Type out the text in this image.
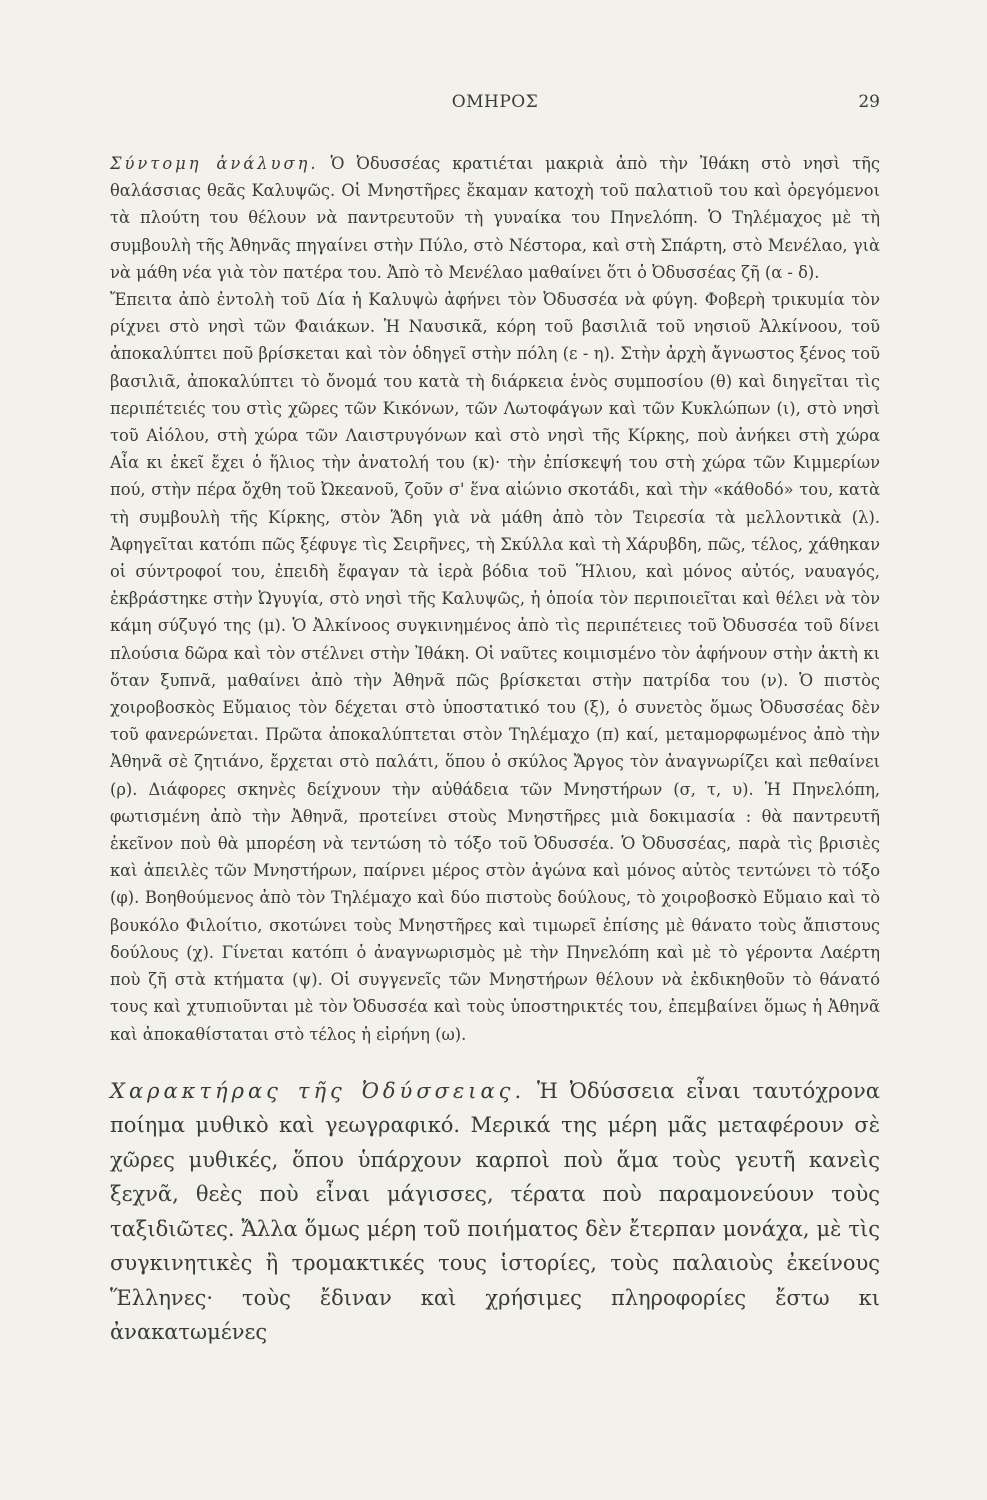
ΟΜΗΡΟΣ	29

Σύντομη ἀνάλυση. Ὁ Ὀδυσσέας κρατιέται μακριὰ ἀπὸ τὴν Ἰθάκη στὸ νησὶ τῆς θαλάσσιας θεᾶς Καλυψῶς. Οἱ Μνηστῆρες ἔκαμαν κατοχὴ τοῦ παλατιοῦ του καὶ ὀρεγόμενοι τὰ πλούτη του θέλουν νὰ παντρευτοῦν τὴ γυναίκα του Πηνελόπη. Ὁ Τηλέμαχος μὲ τὴ συμβουλὴ τῆς Ἀθηνᾶς πηγαίνει στὴν Πύλο, στὸ Νέστορα, καὶ στὴ Σπάρτη, στὸ Μενέλαο, γιὰ νὰ μάθη νέα γιὰ τὸν πατέρα του. Ἀπὸ τὸ Μενέλαο μαθαίνει ὅτι ὁ Ὀδυσσέας ζῆ (α - δ).

Ἔπειτα ἀπὸ ἐντολὴ τοῦ Δία ἡ Καλυψὼ ἀφήνει τὸν Ὀδυσσέα νὰ φύγη. Φοβερὴ τρικυμία τὸν ρίχνει στὸ νησὶ τῶν Φαιάκων. Ἡ Ναυσικᾶ, κόρη τοῦ βασιλιᾶ τοῦ νησιοῦ Ἀλκίνοου, τοῦ ἀποκαλύπτει ποῦ βρίσκεται καὶ τὸν ὁδηγεῖ στὴν πόλη (ε - η). Στὴν ἀρχὴ ἄγνωστος ξένος τοῦ βασιλιᾶ, ἀποκαλύπτει τὸ ὄνομά του κατὰ τὴ διάρκεια ἑνὸς συμποσίου (θ) καὶ διηγεῖται τὶς περιπέτειές του στὶς χῶρες τῶν Κικόνων, τῶν Λωτοφάγων καὶ τῶν Κυκλώπων (ι), στὸ νησὶ τοῦ Αἰόλου, στὴ χώρα τῶν Λαιστρυγόνων καὶ στὸ νησὶ τῆς Κίρκης, ποὺ ἀνήκει στὴ χώρα Αἶα κι ἐκεῖ ἔχει ὁ ἥλιος τὴν ἀνατολή του (κ)· τὴν ἐπίσκεψή του στὴ χώρα τῶν Κιμμερίων πού, στὴν πέρα ὄχθη τοῦ Ὠκεανοῦ, ζοῦν σ' ἕνα αἰώνιο σκοτάδι, καὶ τὴν «κάθοδό» του, κατὰ τὴ συμβουλὴ τῆς Κίρκης, στὸν Ἅδη γιὰ νὰ μάθη ἀπὸ τὸν Τειρεσία τὰ μελλοντικὰ (λ). Ἀφηγεῖται κατόπι πῶς ξέφυγε τὶς Σειρῆνες, τὴ Σκύλλα καὶ τὴ Χάρυβδη, πῶς, τέλος, χάθηκαν οἱ σύντροφοί του, ἐπειδὴ ἔφαγαν τὰ ἱερὰ βόδια τοῦ Ἥλιου, καὶ μόνος αὐτός, ναυαγός, ἐκβράστηκε στὴν Ὠγυγία, στὸ νησὶ τῆς Καλυψῶς, ἡ ὁποία τὸν περιποιεῖται καὶ θέλει νὰ τὸν κάμη σύζυγό της (μ). Ὁ Ἀλκίνοος συγκινημένος ἀπὸ τὶς περιπέτειες τοῦ Ὀδυσσέα τοῦ δίνει πλούσια δῶρα καὶ τὸν στέλνει στὴν Ἰθάκη. Οἱ ναῦτες κοιμισμένο τὸν ἀφήνουν στὴν ἀκτὴ κι ὅταν ξυπνᾶ, μαθαίνει ἀπὸ τὴν Ἀθηνᾶ πῶς βρίσκεται στὴν πατρίδα του (ν). Ὁ πιστὸς χοιροβοσκὸς Εὔμαιος τὸν δέχεται στὸ ὑποστατικό του (ξ), ὁ συνετὸς ὅμως Ὀδυσσέας δὲν τοῦ φανερώνεται. Πρῶτα ἀποκαλύπτεται στὸν Τηλέμαχο (π) καί, μεταμορφωμένος ἀπὸ τὴν Ἀθηνᾶ σὲ ζητιάνο, ἔρχεται στὸ παλάτι, ὅπου ὁ σκύλος Ἄργος τὸν ἀναγνωρίζει καὶ πεθαίνει (ρ). Διάφορες σκηνὲς δείχνουν τὴν αὐθάδεια τῶν Μνηστήρων (σ, τ, υ). Ἡ Πηνελόπη, φωτισμένη ἀπὸ τὴν Ἀθηνᾶ, προτείνει στοὺς Μνηστῆρες μιὰ δοκιμασία : θὰ παντρευτῆ ἐκεῖνον ποὺ θὰ μπορέση νὰ τεντώση τὸ τόξο τοῦ Ὀδυσσέα. Ὁ Ὀδυσσέας, παρὰ τὶς βρισιὲς καὶ ἀπειλὲς τῶν Μνηστήρων, παίρνει μέρος στὸν ἀγώνα καὶ μόνος αὐτὸς τεντώνει τὸ τόξο (φ). Βοηθούμενος ἀπὸ τὸν Τηλέμαχο καὶ δύο πιστοὺς δούλους, τὸ χοιροβοσκὸ Εὔμαιο καὶ τὸ βουκόλο Φιλοίτιο, σκοτώνει τοὺς Μνηστῆρες καὶ τιμωρεῖ ἐπίσης μὲ θάνατο τοὺς ἄπιστους δούλους (χ). Γίνεται κατόπι ὁ ἀναγνωρισμὸς μὲ τὴν Πηνελόπη καὶ μὲ τὸ γέροντα Λαέρτη ποὺ ζῆ στὰ κτήματα (ψ). Οἱ συγγενεῖς τῶν Μνηστήρων θέλουν νὰ ἐκδικηθοῦν τὸ θάνατό τους καὶ χτυπιοῦνται μὲ τὸν Ὀδυσσέα καὶ τοὺς ὑποστηρικτές του, ἐπεμβαίνει ὅμως ἡ Ἀθηνᾶ καὶ ἀποκαθίσταται στὸ τέλος ἡ εἰρήνη (ω).

Χαρακτήρας τῆς Ὀδύσσειας. Ἡ Ὀδύσσεια εἶναι ταυτόχρονα ποίημα μυθικὸ καὶ γεωγραφικό. Μερικά της μέρη μᾶς μεταφέρουν σὲ χῶρες μυθικές, ὅπου ὑπάρχουν καρποὶ ποὺ ἅμα τοὺς γευτῆ κανεὶς ξεχνᾶ, θεὲς ποὺ εἶναι μάγισσες, τέρατα ποὺ παραμονεύουν τοὺς ταξιδιῶτες. Ἄλλα ὅμως μέρη τοῦ ποιήματος δὲν ἔτερπαν μονάχα, μὲ τὶς συγκινητικὲς ἢ τρομακτικές τους ἱστορίες, τοὺς παλαιοὺς ἐκείνους Ἕλληνες· τοὺς ἔδιναν καὶ χρήσιμες πληροφορίες ἔστω κι ἀνακατωμένες
